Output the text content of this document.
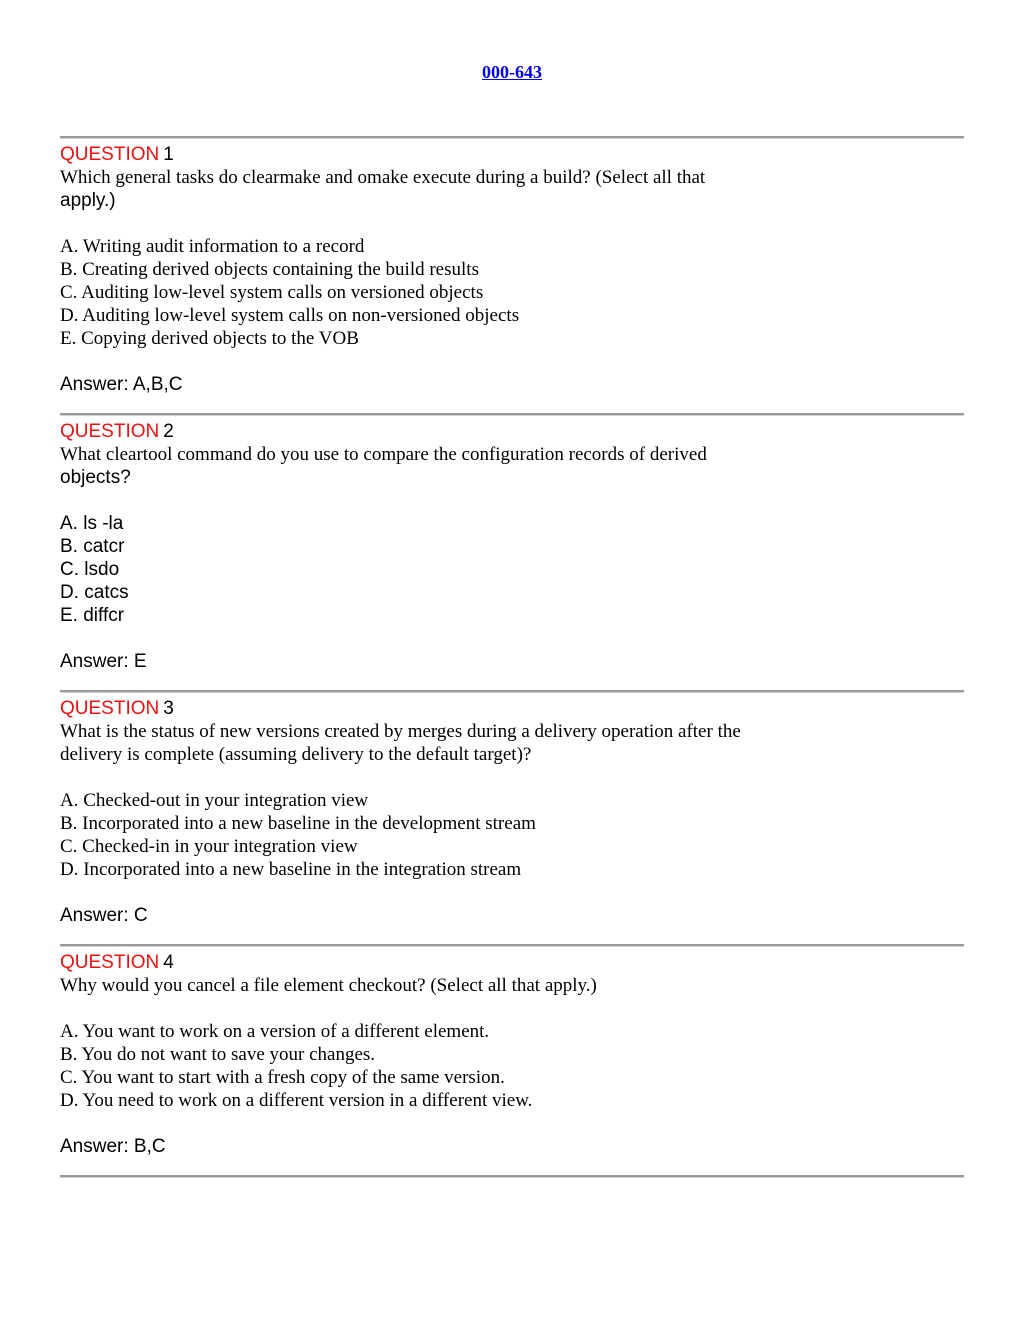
000-643
QUESTION 1
Which general tasks do clearmake and omake execute during a build? (Select all that
apply.)
A. Writing audit information to a record
B. Creating derived objects containing the build results
C. Auditing low-level system calls on versioned objects
D. Auditing low-level system calls on non-versioned objects
E. Copying derived objects to the VOB
Answer: A,B,C
QUESTION 2
What cleartool command do you use to compare the configuration records of derived
objects?
A. ls -la
B. catcr
C. lsdo
D. catcs
E. diffcr
Answer: E
QUESTION 3
What is the status of new versions created by merges during a delivery operation after the
delivery is complete (assuming delivery to the default target)?
A. Checked-out in your integration view
B. Incorporated into a new baseline in the development stream
C. Checked-in in your integration view
D. Incorporated into a new baseline in the integration stream
Answer: C
QUESTION 4
Why would you cancel a file element checkout? (Select all that apply.)
A. You want to work on a version of a different element.
B. You do not want to save your changes.
C. You want to start with a fresh copy of the same version.
D. You need to work on a different version in a different view.
Answer: B,C
